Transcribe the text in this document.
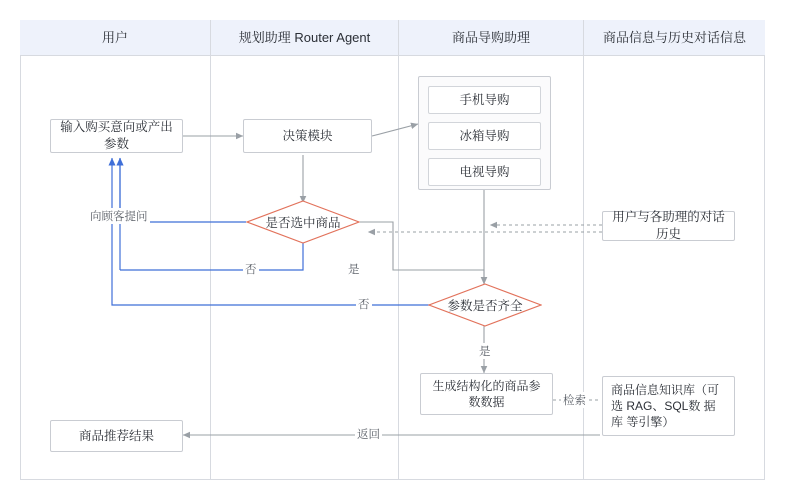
用户	规划助理 Router Agent	商品导购助理	商品信息与历史对话信息
输入购买意向或产出参数
决策模块
手机导购
冰箱导购
电视导购
是否选中商品
参数是否齐全
用户与各助理的对话历史
生成结构化的商品参数数据
商品信息知识库（可选 RAG、SQL数 据库 等引擎）
商品推荐结果
向顾客提问
否	是
否
是
检索
返回
